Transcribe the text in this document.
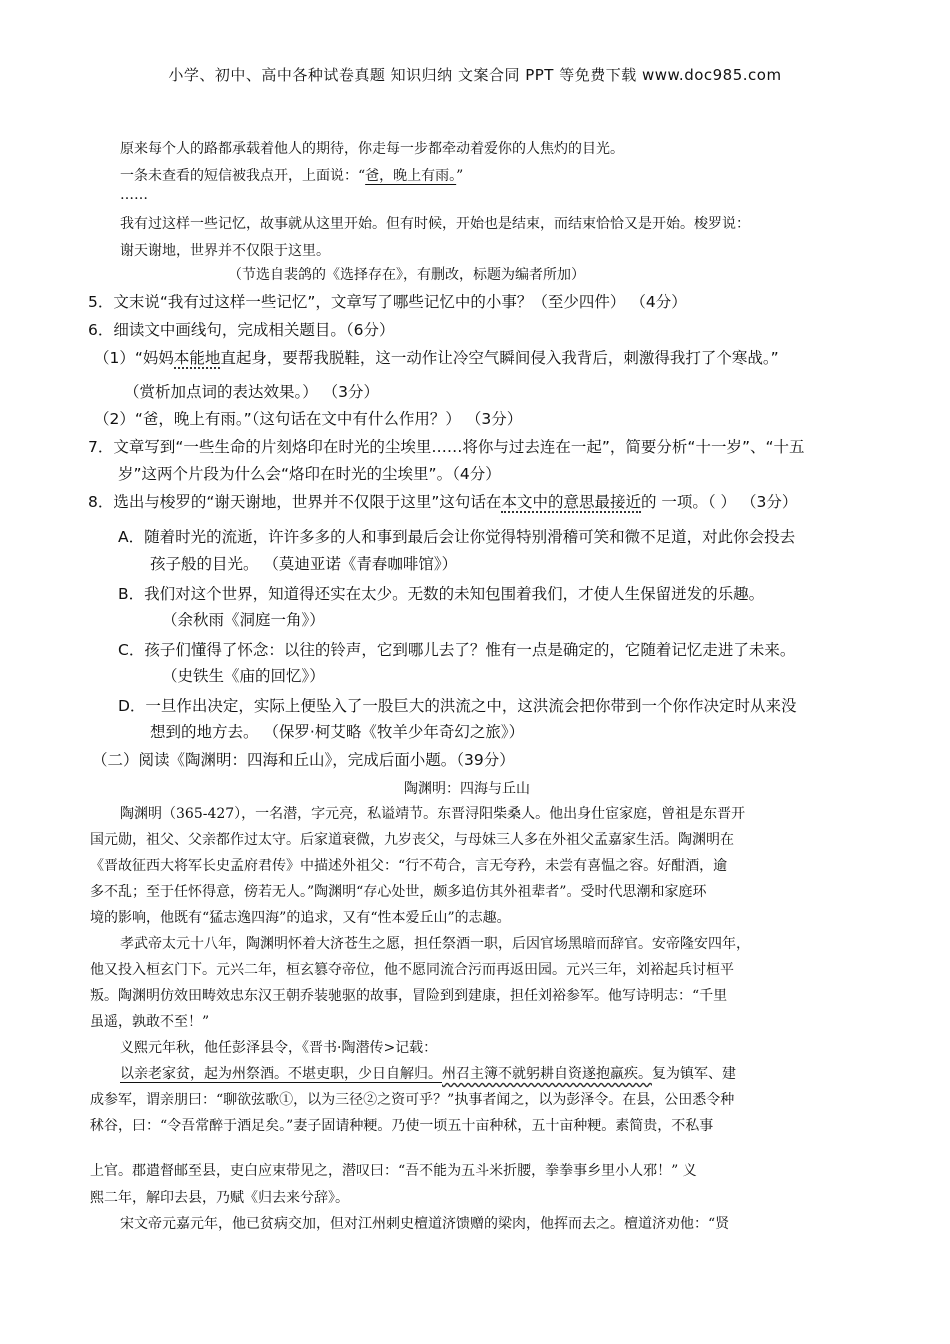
小学、初中、高中各种试卷真题 知识归纳 文案合同 PPT 等免费下载 www.doc985.com
原来每个人的路都承载着他人的期待，你走每一步都牵动着爱你的人焦灼的目光。
一条未查看的短信被我点开，上面说：“爸，晚上有雨。”
……
我有过这样一些记忆，故事就从这里开始。但有时候，开始也是结束，而结束恰恰又是开始。梭罗说：
谢天谢地，世界并不仅限于这里。
（节选自裴鸽的《选择存在》，有删改，标题为编者所加）
5．文末说“我有过这样一些记忆”，文章写了哪些记忆中的小事？（至少四件） （4分）
6．细读文中画线句，完成相关题目。（6分）
（1）“妈妈本能地直起身，要帮我脱鞋，这一动作让冷空气瞬间侵入我背后，刺激得我打了个寒战。”
（赏析加点词的表达效果。） （3分）
（2）“爸，晚上有雨。”（这句话在文中有什么作用？） （3分）
7．文章写到“一些生命的片刻烙印在时光的尘埃里……将你与过去连在一起”，简要分析“十一岁”、“十五
岁”这两个片段为什么会“烙印在时光的尘埃里”。（4分）
8．选出与梭罗的“谢天谢地，世界并不仅限于这里”这句话在本文中的意思最接近的 一项。（ ） （3分）
A．随着时光的流逝，许许多多的人和事到最后会让你觉得特别滑稽可笑和微不足道，对此你会投去
孩子般的目光。 （莫迪亚诺《青春咖啡馆》）
B．我们对这个世界，知道得还实在太少。无数的未知包围着我们，才使人生保留迸发的乐趣。
（余秋雨《洞庭一角》）
C．孩子们懂得了怀念：以往的铃声，它到哪儿去了？惟有一点是确定的，它随着记忆走进了未来。
（史铁生《庙的回忆》）
D．一旦作出决定，实际上便坠入了一股巨大的洪流之中，这洪流会把你带到一个你作决定时从来没
想到的地方去。 （保罗·柯艾略《牧羊少年奇幻之旅》）
（二）阅读《陶渊明：四海和丘山》，完成后面小题。（39分）
陶渊明：四海与丘山
陶渊明（365-427），一名潜，字元亮，私谥靖节。东晋浔阳柴桑人。他出身仕宦家庭，曾祖是东晋开
国元勋，祖父、父亲都作过太守。后家道衰微，九岁丧父，与母妹三人多在外祖父孟嘉家生活。陶渊明在
《晋故征西大将军长史孟府君传》中描述外祖父：“行不苟合，言无夸矜，未尝有喜愠之容。好酣酒，逾
多不乱；至于任怀得意，傍若无人。”陶渊明“存心处世，颇多追仿其外祖辈者”。受时代思潮和家庭环
境的影响，他既有“猛志逸四海”的追求，又有“性本爱丘山”的志趣。
孝武帝太元十八年，陶渊明怀着大济苍生之愿，担任祭酒一职，后因官场黑暗而辞官。安帝隆安四年，
他又投入桓玄门下。元兴二年，桓玄篡夺帝位，他不愿同流合污而再返田园。元兴三年，刘裕起兵讨桓平
叛。陶渊明仿效田畴效忠东汉王朝乔装驰驱的故事，冒险到到建康，担任刘裕参军。他写诗明志：“千里
虽遥，孰敢不至！”
义熙元年秋，他任彭泽县令，《晋书·陶潜传>记载：
以亲老家贫，起为州祭酒。不堪吏职，少日自解归。州召主簿不就躬耕自资遂抱羸疾。复为镇军、建
成参军，谓亲朋曰：“聊欲弦歌①，以为三径②之资可乎？”执事者闻之，以为彭泽令。在县，公田悉令种
秫谷，曰：“令吾常醉于酒足矣。”妻子固请种粳。乃使一顷五十亩种秫，五十亩种粳。素简贵，不私事
上官。郡遣督邮至县，吏白应束带见之，潜叹曰：“吾不能为五斗米折腰，拳拳事乡里小人邪！” 义
熙二年，解印去县，乃赋《归去来兮辞》。
宋文帝元嘉元年，他已贫病交加，但对江州刺史檀道济馈赠的梁肉，他挥而去之。檀道济劝他：“贤
